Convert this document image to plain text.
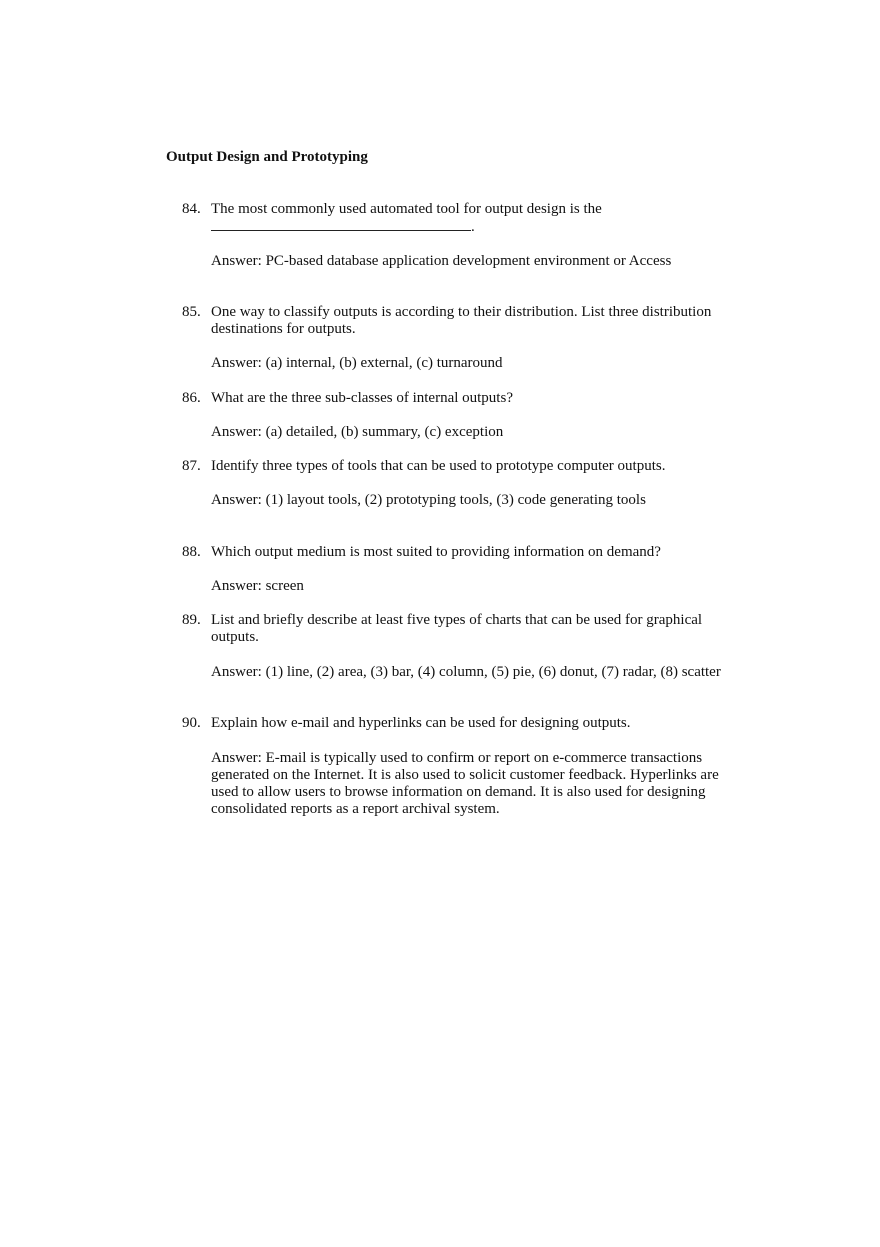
Output Design and Prototyping
84. The most commonly used automated tool for output design is the
.
Answer: PC-based database application development environment or Access
85. One way to classify outputs is according to their distribution. List three distribution
destinations for outputs.
Answer: (a) internal, (b) external, (c) turnaround
86. What are the three sub-classes of internal outputs?
Answer: (a) detailed, (b) summary, (c) exception
87. Identify three types of tools that can be used to prototype computer outputs.
Answer: (1) layout tools, (2) prototyping tools, (3) code generating tools
88. Which output medium is most suited to providing information on demand?
Answer: screen
89. List and briefly describe at least five types of charts that can be used for graphical
outputs.
Answer: (1) line, (2) area, (3) bar, (4) column, (5) pie, (6) donut, (7) radar, (8) scatter
90. Explain how e-mail and hyperlinks can be used for designing outputs.
Answer: E-mail is typically used to confirm or report on e-commerce transactions
generated on the Internet. It is also used to solicit customer feedback. Hyperlinks are
used to allow users to browse information on demand. It is also used for designing
consolidated reports as a report archival system.
